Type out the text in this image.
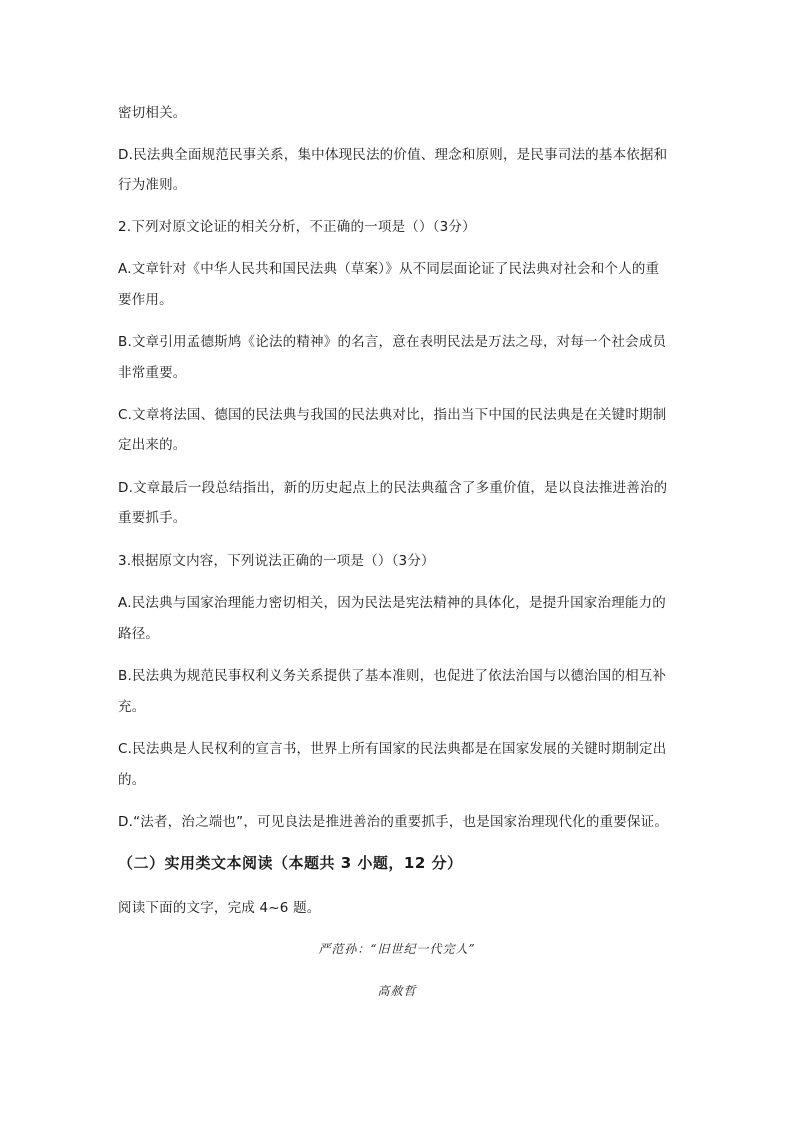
密切相关。
D.民法典全面规范民事关系，集中体现民法的价值、理念和原则，是民事司法的基本依据和
行为准则。
2.下列对原文论证的相关分析，不正确的一项是（）（3分）
A.文章针对《中华人民共和国民法典（草案）》从不同层面论证了民法典对社会和个人的重
要作用。
B.文章引用孟德斯鸠《论法的精神》的名言，意在表明民法是万法之母，对每一个社会成员
非常重要。
C.文章将法国、德国的民法典与我国的民法典对比，指出当下中国的民法典是在关键时期制
定出来的。
D.文章最后一段总结指出，新的历史起点上的民法典蕴含了多重价值，是以良法推进善治的
重要抓手。
3.根据原文内容，下列说法正确的一项是（）（3分）
A.民法典与国家治理能力密切相关，因为民法是宪法精神的具体化，是提升国家治理能力的
路径。
B.民法典为规范民事权利义务关系提供了基本准则，也促进了依法治国与以德治国的相互补
充。
C.民法典是人民权利的宣言书，世界上所有国家的民法典都是在国家发展的关键时期制定出
的。
D.“法者，治之端也”，可见良法是推进善治的重要抓手，也是国家治理现代化的重要保证。
（二）实用类文本阅读（本题共 3 小题，12 分）
阅读下面的文字，完成 4~6 题。
严范孙：“旧世纪一代完人”
高赦哲
